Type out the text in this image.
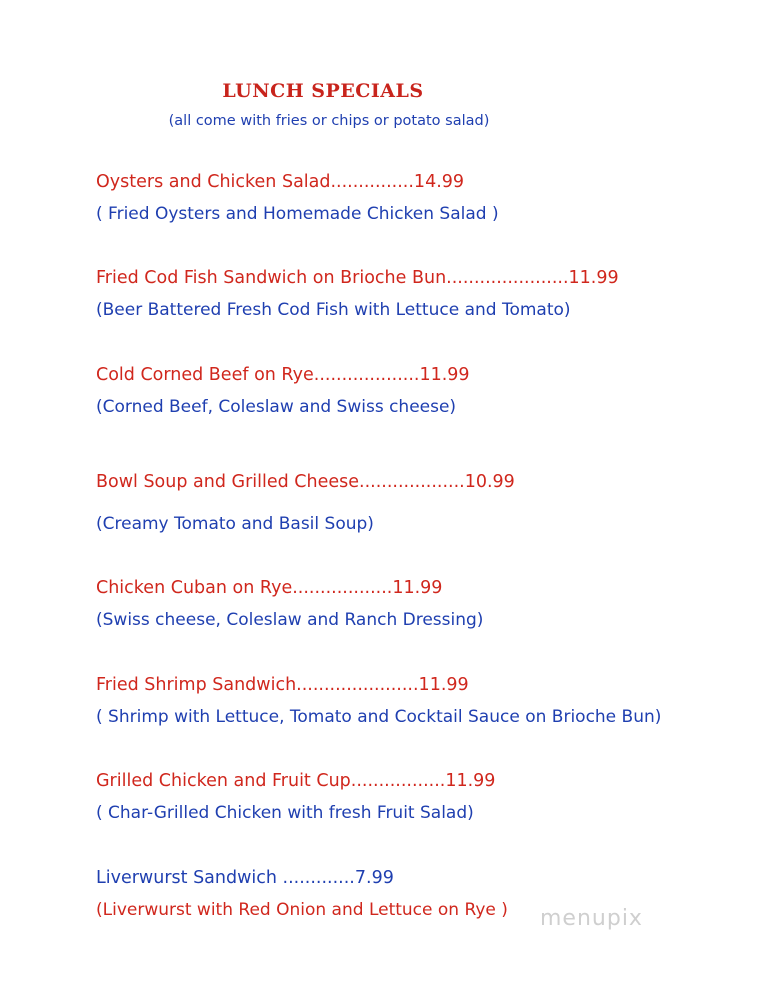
LUNCH SPECIALS
(all come with fries or chips or potato salad)
Oysters and Chicken Salad...............14.99
( Fried Oysters and Homemade Chicken Salad )
Fried Cod Fish Sandwich on Brioche Bun......................11.99
(Beer Battered Fresh Cod Fish with Lettuce and Tomato)
Cold Corned Beef on Rye...................11.99
(Corned Beef, Coleslaw and Swiss cheese)
Bowl Soup and Grilled Cheese...................10.99
(Creamy Tomato and Basil Soup)
Chicken Cuban on Rye..................11.99
(Swiss cheese, Coleslaw and Ranch Dressing)
Fried Shrimp Sandwich......................11.99
( Shrimp with Lettuce, Tomato and Cocktail Sauce on Brioche Bun)
Grilled Chicken and Fruit Cup.................11.99
( Char-Grilled Chicken with fresh Fruit Salad)
Liverwurst Sandwich .............7.99
(Liverwurst with Red Onion and Lettuce on Rye )	menupix
